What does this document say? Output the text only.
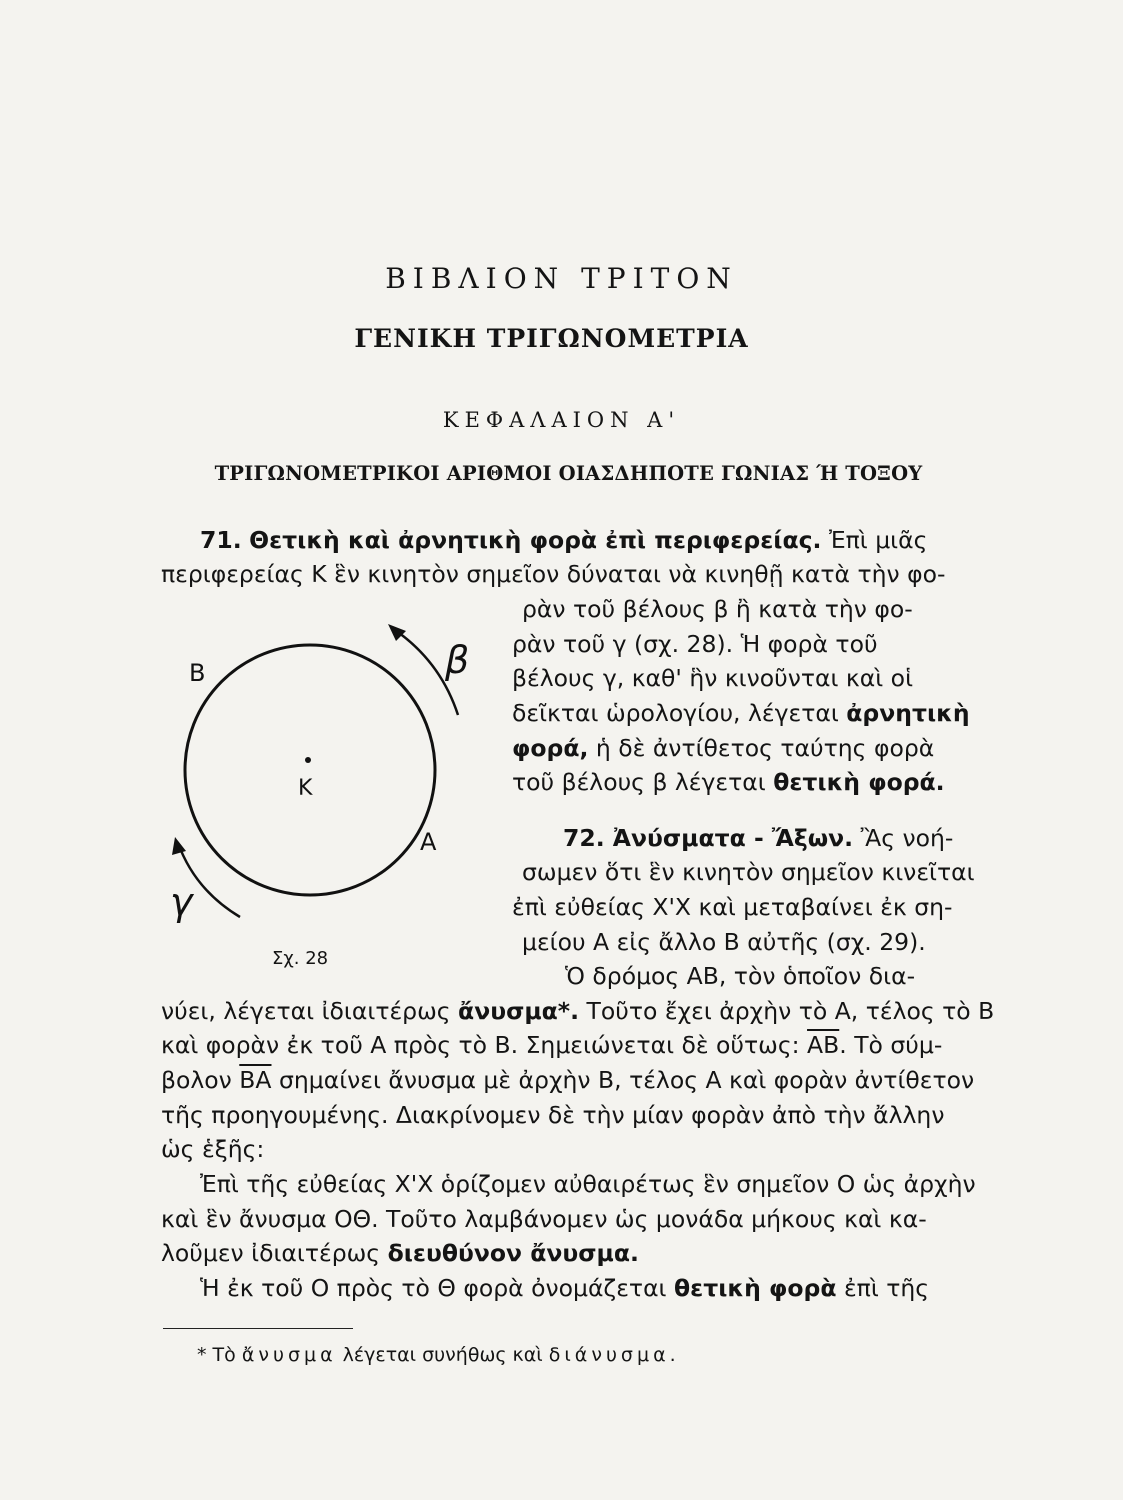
ΒΙΒΛΙΟΝ ΤΡΙΤΟΝ
ΓΕΝΙΚΗ ΤΡΙΓΩΝΟΜΕΤΡΙΑ
ΚΕΦΑΛΑΙΟΝ Α'
ΤΡΙΓΩΝΟΜΕΤΡΙΚΟΙ ΑΡΙΘΜΟΙ ΟΙΑΣΔΗΠΟΤΕ ΓΩΝΙΑΣ Ή ΤΟΞΟΥ
71. Θετικὴ καὶ ἀρνητικὴ φορὰ ἐπὶ περιφερείας. Ἐπὶ μιᾶς
περιφερείας Κ ἓν κινητὸν σημεῖον δύναται νὰ κινηθῇ κατὰ τὴν φο-
ρὰν τοῦ βέλους β ἢ κατὰ τὴν φο-
ρὰν τοῦ γ (σχ. 28). Ἡ φορὰ τοῦ
βέλους γ, καθ' ἣν κινοῦνται καὶ οἱ
δεῖκται ὡρολογίου, λέγεται ἀρνητικὴ
φορά, ἡ δὲ ἀντίθετος ταύτης φορὰ
τοῦ βέλους β λέγεται θετικὴ φορά.
Β
Κ
Α
β
γ
Σχ. 28
72. Ἀνύσματα - Ἄξων. Ἂς νοή-
σωμεν ὅτι ἓν κινητὸν σημεῖον κινεῖται
ἐπὶ εὐθείας Χ'Χ καὶ μεταβαίνει ἐκ ση-
μείου Α εἰς ἄλλο Β αὐτῆς (σχ. 29).
Ὁ δρόμος ΑΒ, τὸν ὁποῖον δια-
νύει, λέγεται ἰδιαιτέρως ἄνυσμα*. Τοῦτο ἔχει ἀρχὴν τὸ Α, τέλος τὸ Β
καὶ φορὰν ἐκ τοῦ Α πρὸς τὸ Β. Σημειώνεται δὲ οὕτως: $\overline{AB}$. Τὸ σύμ-
βολον $\overline{BA}$ σημαίνει ἄνυσμα μὲ ἀρχὴν Β, τέλος Α καὶ φορὰν ἀντίθετον
τῆς προηγουμένης. Διακρίνομεν δὲ τὴν μίαν φορὰν ἀπὸ τὴν ἄλλην
ὡς ἑξῆς:
Ἐπὶ τῆς εὐθείας Χ'Χ ὁρίζομεν αὐθαιρέτως ἓν σημεῖον Ο ὡς ἀρχὴν
καὶ ἓν ἄνυσμα ΟΘ. Τοῦτο λαμβάνομεν ὡς μονάδα μήκους καὶ κα-
λοῦμεν ἰδιαιτέρως διευθύνον ἄνυσμα.
Ἡ ἐκ τοῦ Ο πρὸς τὸ Θ φορὰ ὀνομάζεται θετικὴ φορὰ ἐπὶ τῆς
* Τὸ ἄνυσμα λέγεται συνήθως καὶ διάνυσμα.
